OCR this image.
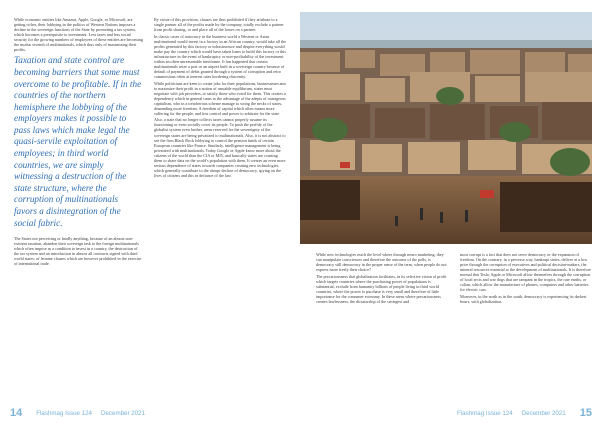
While economic entities like Amazon, Apple, Google, or Microsoft, are getting richer, their lobbying in the politics of Western Nations imposes a decline in the sovereign functions of the State by promoting a tax system, which becomes a prerequisite to investment. Less taxes and less social security for the growing numbers of employees of these entities are becoming the modus vivendi of multinationals, which thus only of maximizing their profits.

Taxation and state control are becoming barriers that some must overcome to be profitable. If in the countries of the northern hemisphere the lobbying of the employers makes it possible to pass laws which make legal the quasi-servile exploitation of employees; in third world countries, we are simply witnessing a destruction of the state structure, where the corruption of multinationals favors a disintegration of the social fabric.

The States not perceiving or hardly anything, because of an almost non-existent taxation, abandon their sovereign task to the foreign multinationals which often impose as a condition to invest in a country, the destruction of the tax system and an introduction in almost all contracts signed with third world states: of leonine clauses which are however prohibited in the exercise of international trade.

By virtue of this provision, clauses are thus prohibited if they attribute to a single partner all of the profits made by the company, totally exclude a partner from profit sharing, or and place all of the losses on a partner.

In classic cases of autocracy in the business world a Western or Asian multinational would invest in a factory in an African country, would take all the profits generated by this factory or infrastructure and despite everything would make pay the country which would have taken loans to build this factory or this infrastructure in the event of bankruptcy or non-profitability of the investment within an often unreasonable timeframe. It has happened that certain multinationals seize a port or an airport built in a sovereign country because of default of payment of debts granted through a system of corruption and retro commissions often at interest rates bordering obscenity.

While politicians are keen to create jobs for their populations, businessmen aim to maximize their profit in a notion of unstable equilibrium, states must negotiate with job providers, to satisfy those who voted for them. This creates a dependency which in general turns to the advantage of the adepts of outrageous capitalism, who in a treacherous scheme manage to wring the necks of states, demanding more freedom. A freedom of capital which often means more suffering for the people, and less control and power to arbitrate for the state.

Also, a state that no longer collects taxes cannot properly assume its functioning or even socially cover its people. To push the perfidy of the globalist system even further, areas reserved for the sovereignty of the sovereign states are being privatized to multinationals. Also, it is not abstract to see the firm Black Rock lobbying to control the pension funds of certain European countries like France. Similarly, intelligence management is being privatized with multinationals. Today Google or Apple know more about the citizens of the world than the CIA or MI5, and basically states are courting them to share data on the world's population with them. It creates an even more serious dependence of states towards companies creating new technologies, which generally contribute to the abrupt decline of democracy, spying on the lives of citizens and this in defiance of the law.

While new technologies reach the level where through neuro marketing, they can manipulate consciences and therefore the outcome of the polls, is democracy still democracy in the proper sense of the term, when people do not express more freely their choice?

The precariousness that globalization facilitates, in its selective vision of profit which targets countries where the purchasing power of populations is substantial, exclude from humanity billions of people living in third world countries, where the power to purchase is very small and therefore of little importance for the consumer economy. In these areas where precariousness creates lawlessness, the dictatorship of the strongest and

most corrupt is a fact that does not serve democracy or the expansion of freedom. On the contrary, in a perverse way, bankrupt states, deliver at a low price through the corruption of executives and political decision-makers, the mineral resources essential to the development of multinationals. It is therefore normal that Tesla, Apple or Microsoft allow themselves through the corruption of local sects and war dogs that are rampant in the tropics, the rare earths, or coltan, which allow the manufacture of phones, computers and other batteries for electric cars.

Moreover, in the north as in the south, democracy is experiencing its darkest hours, with globalization.

14 Flashmag
Issue 124 December 2021	Flashmag
Issue 124 December 2021 15
